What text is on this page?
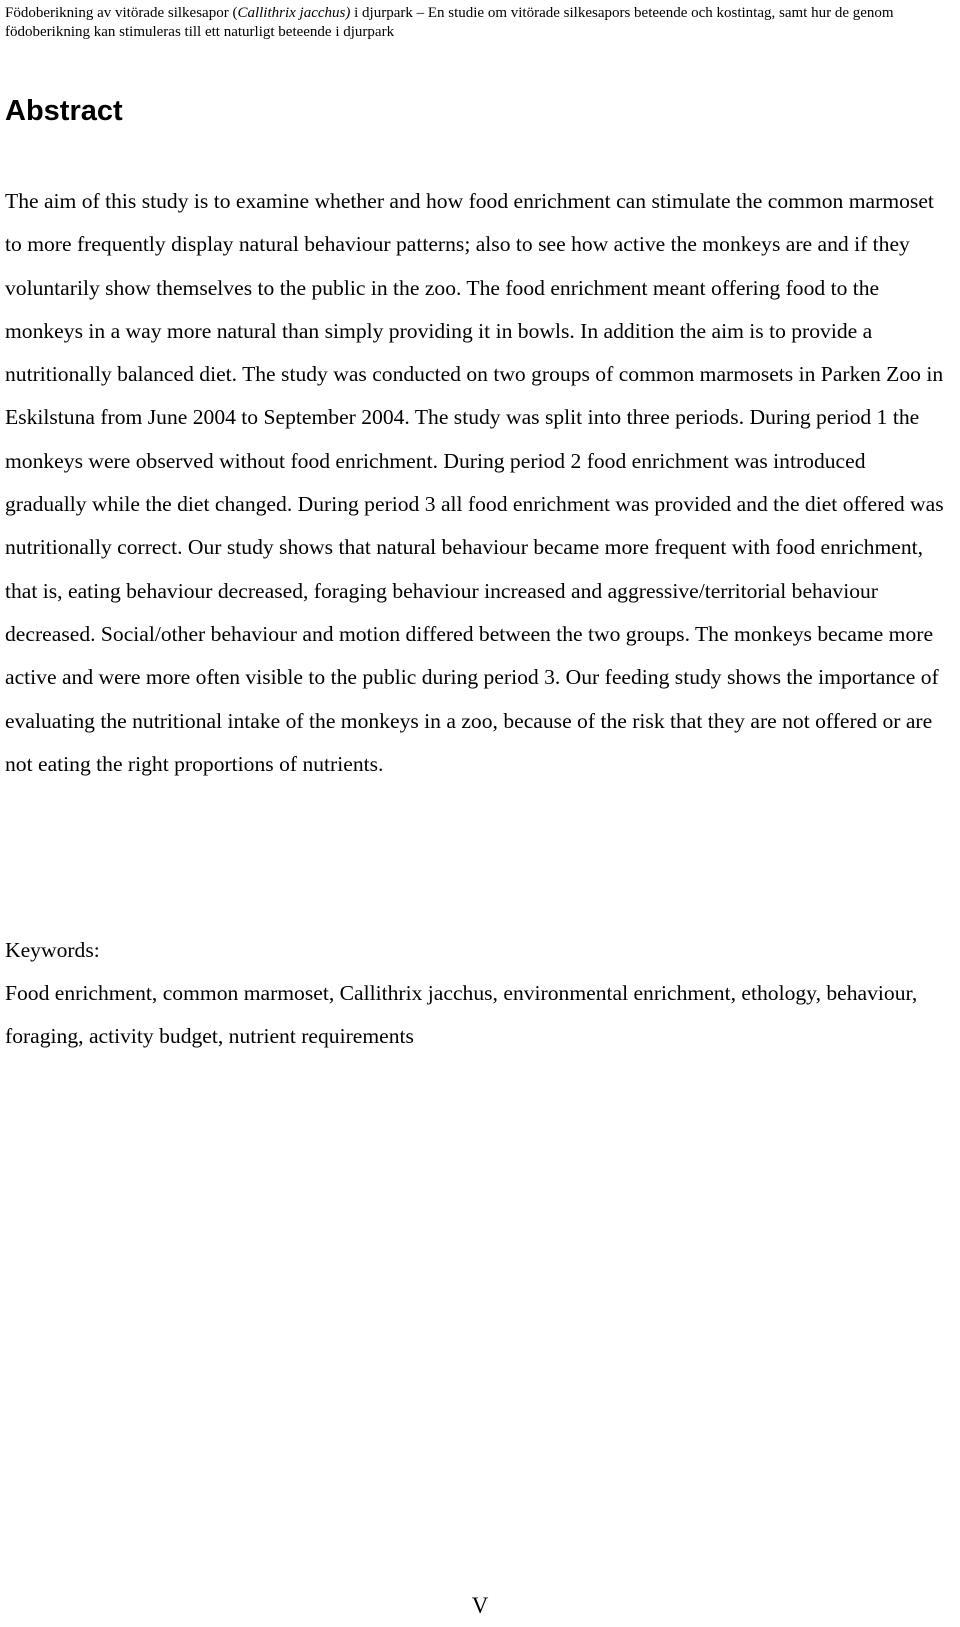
Födoberikning av vitörade silkesapor (Callithrix jacchus) i djurpark – En studie om vitörade silkesapors beteende och kostintag, samt hur de genom födoberikning kan stimuleras till ett naturligt beteende i djurpark
Abstract

The aim of this study is to examine whether and how food enrichment can stimulate the common marmoset to more frequently display natural behaviour patterns; also to see how active the monkeys are and if they voluntarily show themselves to the public in the zoo. The food enrichment meant offering food to the monkeys in a way more natural than simply providing it in bowls. In addition the aim is to provide a nutritionally balanced diet. The study was conducted on two groups of common marmosets in Parken Zoo in Eskilstuna from June 2004 to September 2004. The study was split into three periods. During period 1 the monkeys were observed without food enrichment. During period 2 food enrichment was introduced gradually while the diet changed. During period 3 all food enrichment was provided and the diet offered was nutritionally correct. Our study shows that natural behaviour became more frequent with food enrichment, that is, eating behaviour decreased, foraging behaviour increased and aggressive/territorial behaviour decreased. Social/other behaviour and motion differed between the two groups. The monkeys became more active and were more often visible to the public during period 3. Our feeding study shows the importance of evaluating the nutritional intake of the monkeys in a zoo, because of the risk that they are not offered or are not eating the right proportions of nutrients.

Keywords:

Food enrichment, common marmoset, Callithrix jacchus, environmental enrichment, ethology, behaviour, foraging, activity budget, nutrient requirements

V
